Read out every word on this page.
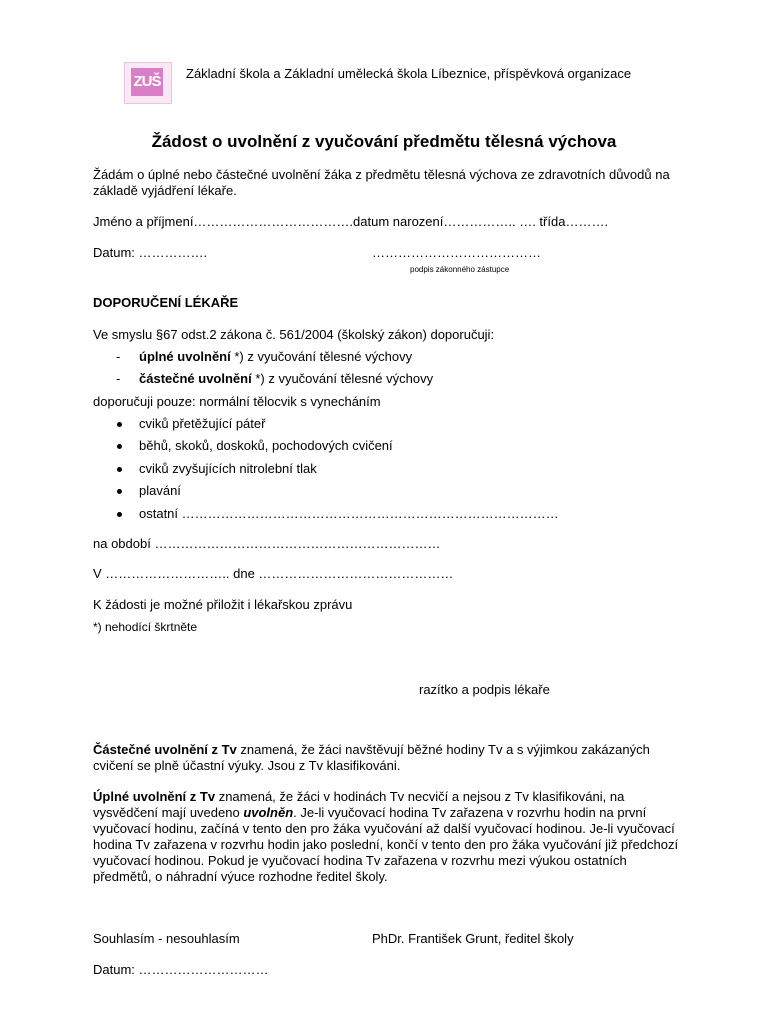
ZUŠ Základní škola a Základní umělecká škola Líbeznice, příspěvková organizace
Žádost o uvolnění z vyučování předmětu tělesná výchova
Žádám o úplné nebo částečné uvolnění žáka z předmětu tělesná výchova ze zdravotních důvodů na základě vyjádření lékaře.
Jméno a příjmení……………………………….datum narození…………….. …. třída……….
Datum: …………….	…………………………………
podpis zákonného zástupce
DOPORUČENÍ LÉKAŘE
Ve smyslu §67 odst.2 zákona č. 561/2004 (školský zákon) doporučuji:
- úplné uvolnění *) z vyučování tělesné výchovy
- částečné uvolnění *) z vyučování tělesné výchovy
doporučuji pouze: normální tělocvik s vynecháním
cviků přetěžující páteř
běhů, skoků, doskoků, pochodových cvičení
cviků zvyšujících nitrolební tlak
plavání
ostatní ……………………………………………………………………………
na období …………………………………………………………
V ……………………….. dne ………………………………………
K žádosti je možné přiložit i lékařskou zprávu
*) nehodící škrtněte
razítko a podpis lékaře
Částečné uvolnění z Tv znamená, že žáci navštěvují běžné hodiny Tv a s výjimkou zakázaných cvičení se plně účastní výuky. Jsou z Tv klasifikováni.
Úplné uvolnění z Tv znamená, že žáci v hodinách Tv necvičí a nejsou z Tv klasifikováni, na vysvědčení mají uvedeno uvolněn. Je-li vyučovací hodina Tv zařazena v rozvrhu hodin na první vyučovací hodinu, začíná v tento den pro žáka vyučování až další vyučovací hodinou. Je-li vyučovací hodina Tv zařazena v rozvrhu hodin jako poslední, končí v tento den pro žáka vyučování již předchozí vyučovací hodinou. Pokud je vyučovací hodina Tv zařazena v rozvrhu mezi výukou ostatních předmětů, o náhradní výuce rozhodne ředitel školy.
Souhlasím - nesouhlasím	PhDr. František Grunt, ředitel školy
Datum: …………………………
